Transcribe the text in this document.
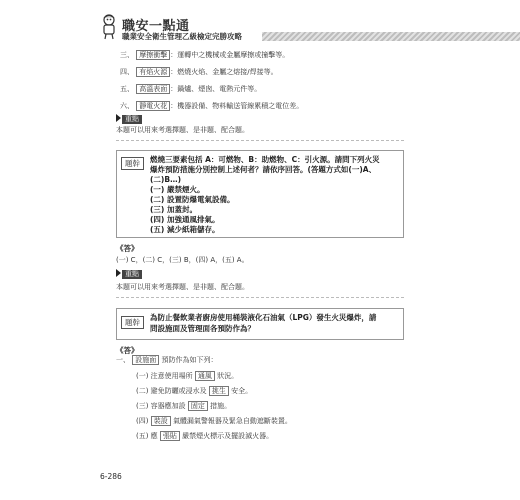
職安一點通
職業安全衛生管理乙級檢定完勝攻略
三、 摩擦衝擊 ：運轉中之機械或金屬摩擦或撞擊等。
四、 有焰火源 ：燃燒火焰、金屬之熔接/焊接等。
五、 高溫表面 ：鍋爐、煙囪、電熱元件等。
六、 靜電火花 ：機器設備、物料輸送管線累積之電位差。
重點
本題可以用來考選擇題、是非題、配合題。
題幹	燃燒三要素包括 A：可燃物、B：助燃物、C：引火源。請問下列火災
爆炸預防措施分別控制上述何者？請依序回答。(答題方式如(一)A、
(二)B…)
(一) 嚴禁煙火。
(二) 設置防爆電氣設備。
(三) 加蓋封。
(四) 加強通風排氣。
(五) 減少紙箱儲存。
《答》
(一) C，(二) C，(三) B，(四) A，(五) A。
重點
本題可以用來考選擇題、是非題、配合題。
題幹
為防止餐飲業者廚房使用桶裝液化石油氣（LPG）發生火災爆炸，請
問設施面及管理面各預防作為？
《答》
一、 設施面 預防作為如下列：
(一) 注意使用場所 通風 狀況。
(二) 避免防曬或浸水及 挑生 安全。
(三) 容器應加設 固定 措施。
(四) 裝設 氣體漏氣警報器及緊急自動遮斷裝置。
(五) 應 張貼 嚴禁煙火標示及擺設滅火器。
6-286
